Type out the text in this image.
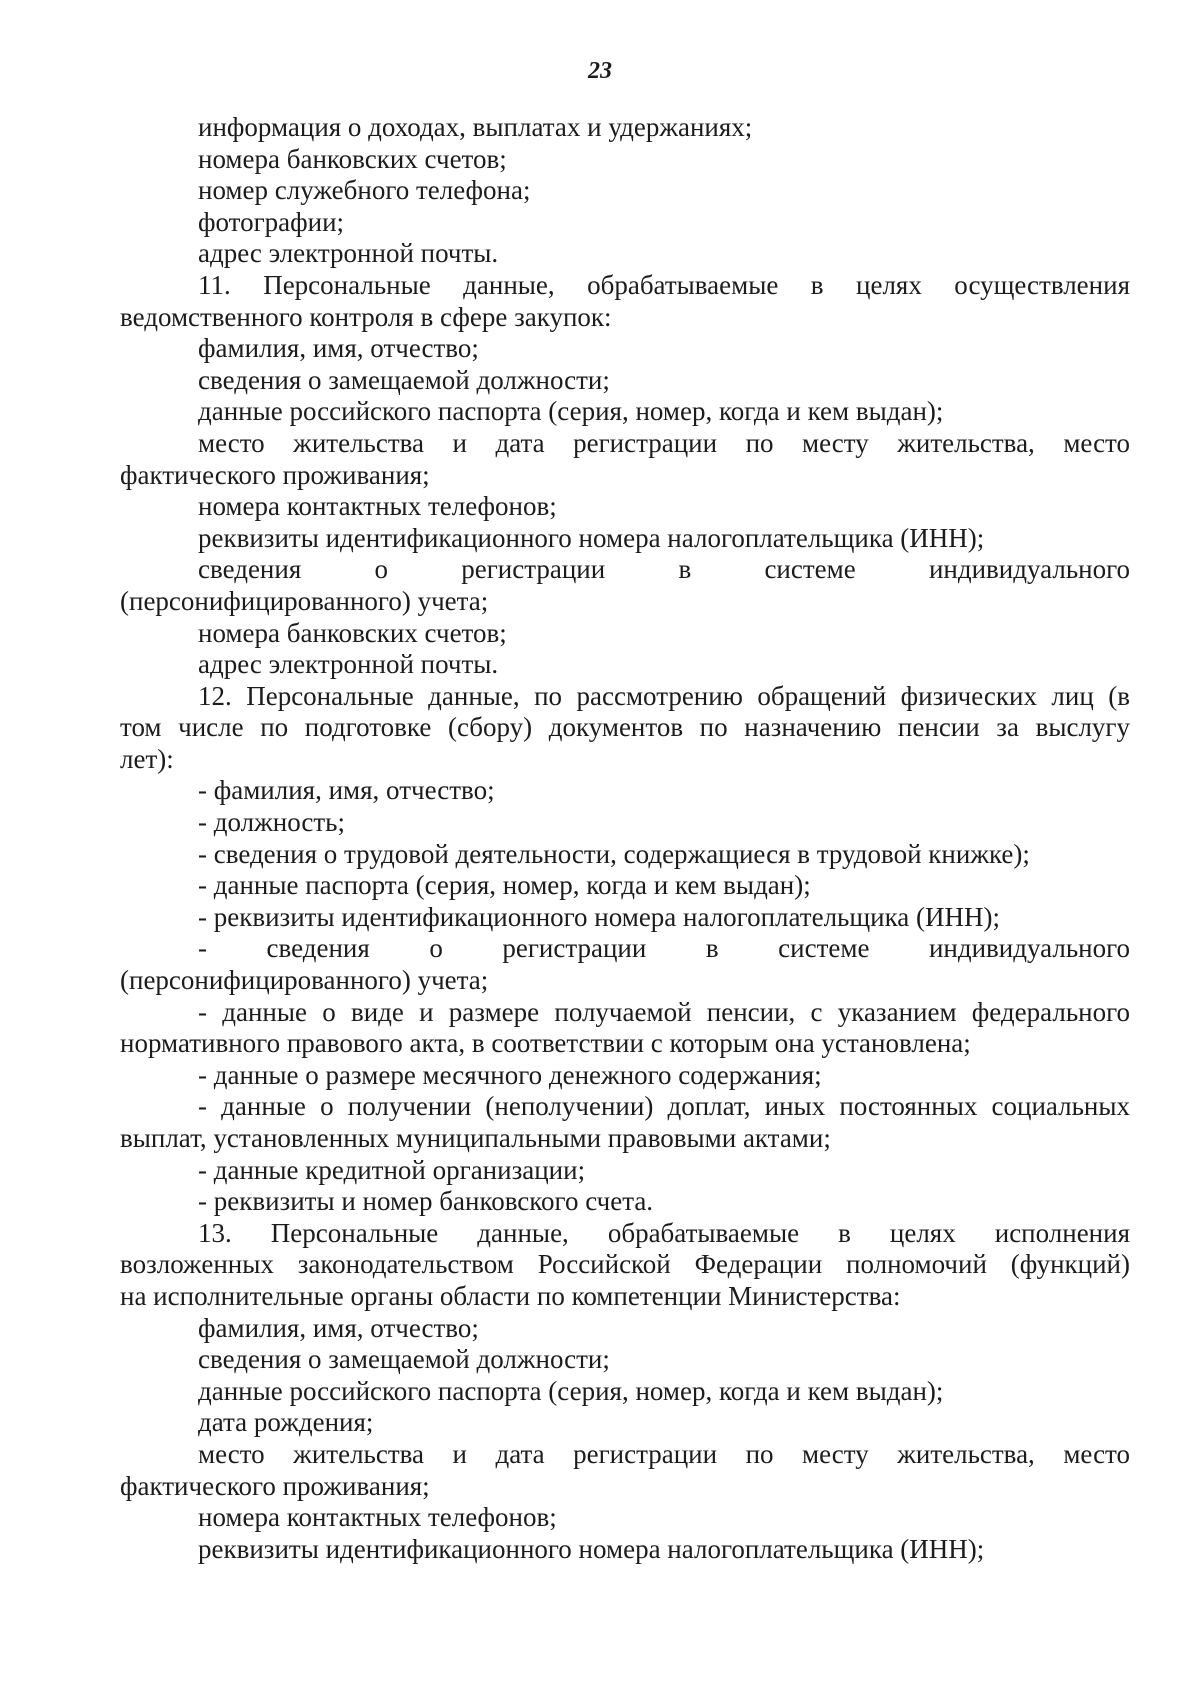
23
информация о доходах, выплатах и удержаниях;
номера банковских счетов;
номер служебного телефона;
фотографии;
адрес электронной почты.
11. Персональные данные, обрабатываемые в целях осуществления
ведомственного контроля в сфере закупок:
фамилия, имя, отчество;
сведения о замещаемой должности;
данные российского паспорта (серия, номер, когда и кем выдан);
место жительства и дата регистрации по месту жительства, место
фактического проживания;
номера контактных телефонов;
реквизиты идентификационного номера налогоплательщика (ИНН);
сведения о регистрации в системе индивидуального
(персонифицированного) учета;
номера банковских счетов;
адрес электронной почты.
12. Персональные данные, по рассмотрению обращений физических лиц (в
том числе по подготовке (сбору) документов по назначению пенсии за выслугу
лет):
- фамилия, имя, отчество;
- должность;
- сведения о трудовой деятельности, содержащиеся в трудовой книжке);
- данные паспорта (серия, номер, когда и кем выдан);
- реквизиты идентификационного номера налогоплательщика (ИНН);
- сведения о регистрации в системе индивидуального
(персонифицированного) учета;
- данные о виде и размере получаемой пенсии, с указанием федерального
нормативного правового акта, в соответствии с которым она установлена;
- данные о размере месячного денежного содержания;
- данные о получении (неполучении) доплат, иных постоянных социальных
выплат, установленных муниципальными правовыми актами;
- данные кредитной организации;
- реквизиты и номер банковского счета.
13. Персональные данные, обрабатываемые в целях исполнения
возложенных законодательством Российской Федерации полномочий (функций)
на исполнительные органы области по компетенции Министерства:
фамилия, имя, отчество;
сведения о замещаемой должности;
данные российского паспорта (серия, номер, когда и кем выдан);
дата рождения;
место жительства и дата регистрации по месту жительства, место
фактического проживания;
номера контактных телефонов;
реквизиты идентификационного номера налогоплательщика (ИНН);
